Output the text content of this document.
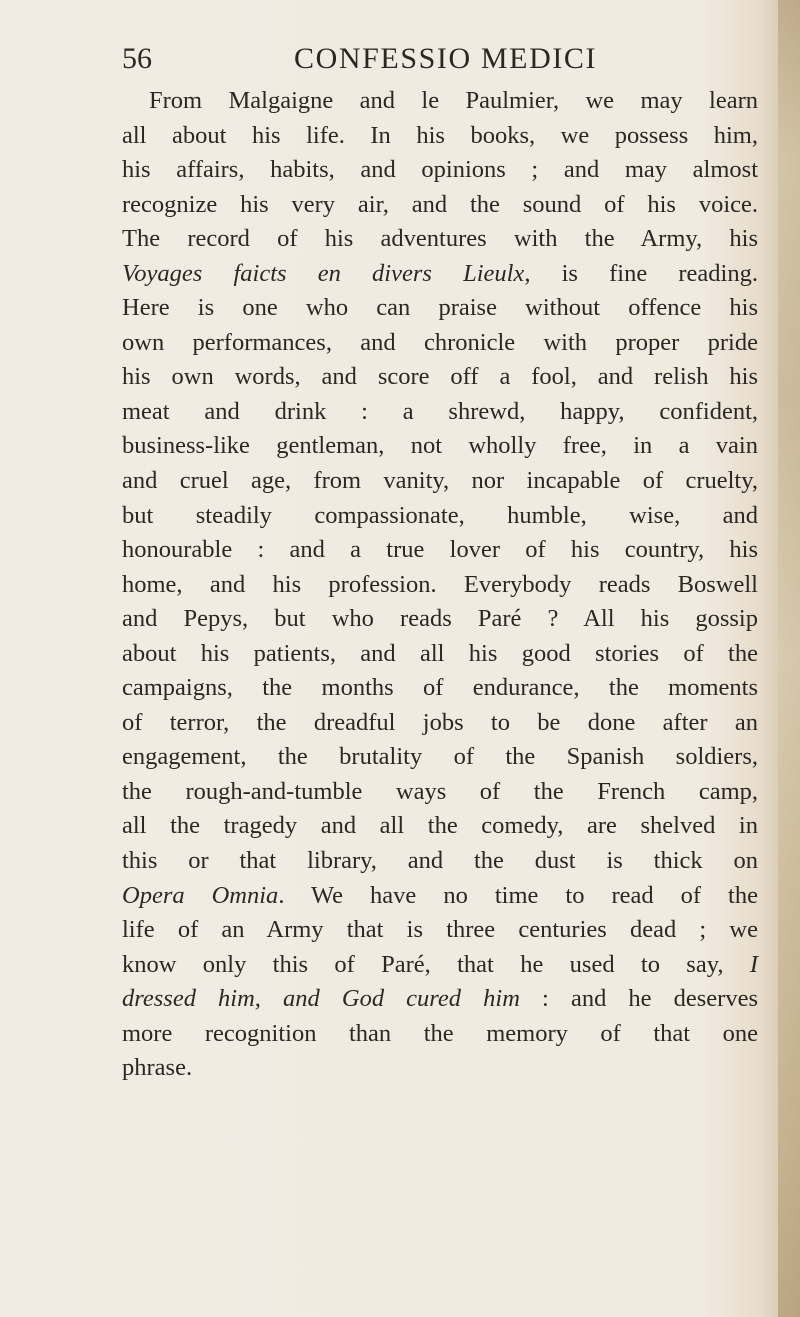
56	CONFESSIO MEDICI
From Malgaigne and le Paulmier, we may learn
all about his life. In his books, we possess him,
his affairs, habits, and opinions ; and may almost
recognize his very air, and the sound of his voice.
The record of his adventures with the Army, his
Voyages faicts en divers Lieulx, is fine reading.
Here is one who can praise without offence his
own performances, and chronicle with proper pride
his own words, and score off a fool, and relish his
meat and drink : a shrewd, happy, confident,
business-like gentleman, not wholly free, in a vain
and cruel age, from vanity, nor incapable of cruelty,
but steadily compassionate, humble, wise, and
honourable : and a true lover of his country, his
home, and his profession. Everybody reads Boswell
and Pepys, but who reads Paré ? All his gossip
about his patients, and all his good stories of the
campaigns, the months of endurance, the moments
of terror, the dreadful jobs to be done after an
engagement, the brutality of the Spanish soldiers,
the rough-and-tumble ways of the French camp,
all the tragedy and all the comedy, are shelved in
this or that library, and the dust is thick on
Opera Omnia. We have no time to read of the
life of an Army that is three centuries dead ; we
know only this of Paré, that he used to say, I
dressed him, and God cured him : and he deserves
more recognition than the memory of that one
phrase.
